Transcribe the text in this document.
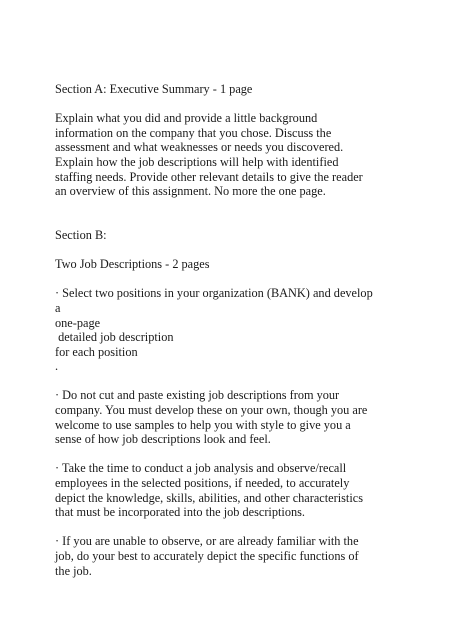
Section A: Executive Summary - 1 page
Explain what you did and provide a little background
information on the company that you chose. Discuss the
assessment and what weaknesses or needs you discovered.
Explain how the job descriptions will help with identified
staffing needs. Provide other relevant details to give the reader
an overview of this assignment. No more the one page.
Section B:
Two Job Descriptions - 2 pages
· Select two positions in your organization (BANK) and develop
a
one-page
detailed job description
for each position
.
· Do not cut and paste existing job descriptions from your
company. You must develop these on your own, though you are
welcome to use samples to help you with style to give you a
sense of how job descriptions look and feel.
· Take the time to conduct a job analysis and observe/recall
employees in the selected positions, if needed, to accurately
depict the knowledge, skills, abilities, and other characteristics
that must be incorporated into the job descriptions.
· If you are unable to observe, or are already familiar with the
job, do your best to accurately depict the specific functions of
the job.
